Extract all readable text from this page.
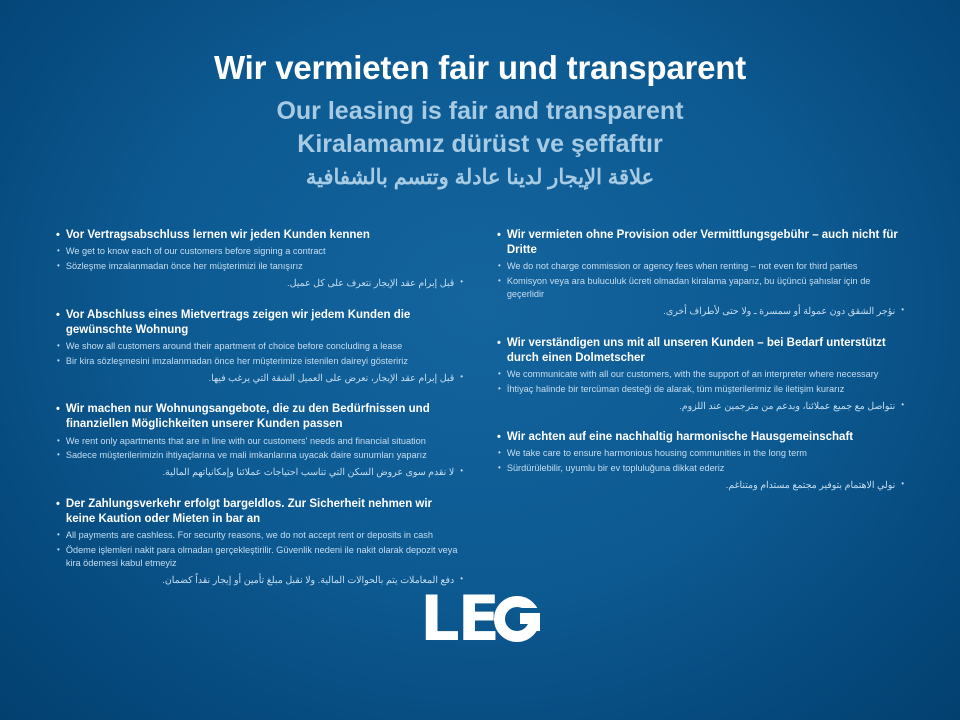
Wir vermieten fair und transparent
Our leasing is fair and transparent
Kiralamamız dürüst ve şeffaftır
علاقة الإيجار لدينا عادلة وتتسم بالشفافية
• Vor Vertragsabschluss lernen wir jeden Kunden kennen
• We get to know each of our customers before signing a contract
• Sözleşme imzalanmadan önce her müşterimizi ile tanışırız
•
قبل إبرام عقد الإيجار نتعرف على كل عميل.
• Vor Abschluss eines Mietvertrags zeigen wir jedem Kunden die gewünschte Wohnung
• We show all customers around their apartment of choice before concluding a lease
• Bir kira sözleşmesini imzalanmadan önce her müşterimize istenilen daireyi gösteririz
•
قبل إبرام عقد الإيجار، نعرض على العميل الشقة التي يرغب فيها.
• Wir machen nur Wohnungsangebote, die zu den Bedürfnissen und finanziellen Möglichkeiten unserer Kunden passen
• We rent only apartments that are in line with our customers' needs and financial situation
• Sadece müşterilerimizin ihtiyaçlarına ve mali imkanlarına uyacak daire sunumları yaparız
•
لا نقدم سوى عروض السكن التي تناسب احتياجات عملائنا وإمكانياتهم المالية.
• Der Zahlungsverkehr erfolgt bargeldlos. Zur Sicherheit nehmen wir keine Kaution oder Mieten in bar an
• All payments are cashless. For security reasons, we do not accept rent or deposits in cash
• Ödeme işlemleri nakit para olmadan gerçekleştirilir. Güvenlik nedeni ile nakit olarak depozit veya kira ödemesi kabul etmeyiz
•
دفع المعاملات يتم بالحوالات المالية. ولا نقبل مبلغ تأمين أو إيجار نقداً كضمان.
• Wir vermieten ohne Provision oder Vermittlungsgebühr – auch nicht für Dritte
• We do not charge commission or agency fees when renting – not even for third parties
• Komisyon veya ara buluculuk ücreti olmadan kiralama yaparız, bu üçüncü şahıslar için de geçerlidir
•
نؤجر الشقق دون عمولة أو سمسرة ـ ولا حتى لأطراف أخرى.
• Wir verständigen uns mit all unseren Kunden – bei Bedarf unterstützt durch einen Dolmetscher
• We communicate with all our customers, with the support of an interpreter where necessary
• İhtiyaç halinde bir tercüman desteği de alarak, tüm müşterilerimiz ile iletişim kurarız
•
نتواصل مع جميع عملائنا، وبدعم من مترجمين عند اللزوم.
• Wir achten auf eine nachhaltig harmonische Hausgemeinschaft
• We take care to ensure harmonious housing communities in the long term
• Sürdürülebilir, uyumlu bir ev topluluğuna dikkat ederiz
•
نولي الاهتمام بتوفير مجتمع مستدام ومتناغم.
LE
